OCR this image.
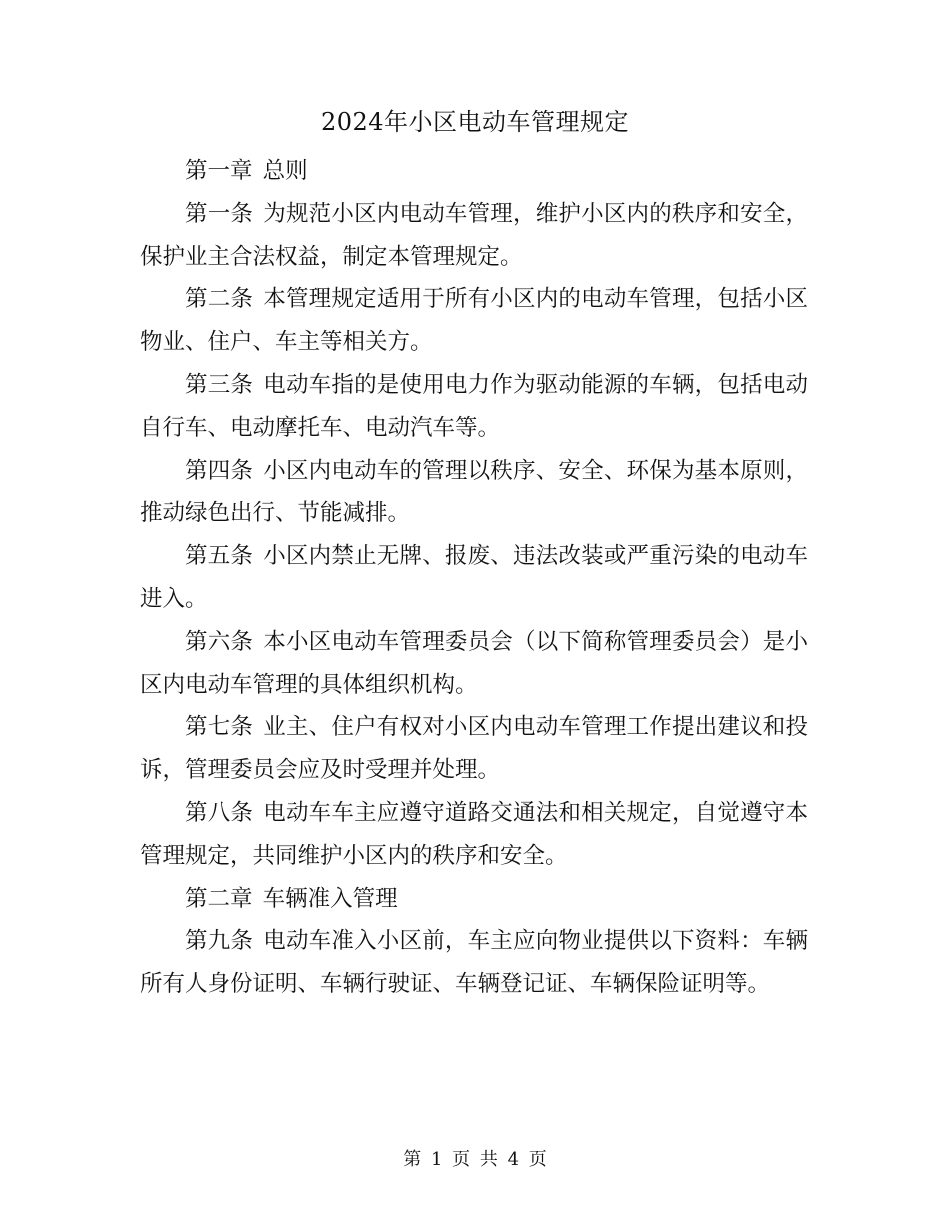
2024年小区电动车管理规定

第一章 总则

第一条 为规范小区内电动车管理，维护小区内的秩序和安全，保护业主合法权益，制定本管理规定。

第二条 本管理规定适用于所有小区内的电动车管理，包括小区物业、住户、车主等相关方。

第三条 电动车指的是使用电力作为驱动能源的车辆，包括电动自行车、电动摩托车、电动汽车等。

第四条 小区内电动车的管理以秩序、安全、环保为基本原则，推动绿色出行、节能减排。

第五条 小区内禁止无牌、报废、违法改装或严重污染的电动车进入。

第六条 本小区电动车管理委员会（以下简称管理委员会）是小区内电动车管理的具体组织机构。

第七条 业主、住户有权对小区内电动车管理工作提出建议和投诉，管理委员会应及时受理并处理。

第八条 电动车车主应遵守道路交通法和相关规定，自觉遵守本管理规定，共同维护小区内的秩序和安全。

第二章 车辆准入管理

第九条 电动车准入小区前，车主应向物业提供以下资料：车辆所有人身份证明、车辆行驶证、车辆登记证、车辆保险证明等。

第 1 页 共 4 页
